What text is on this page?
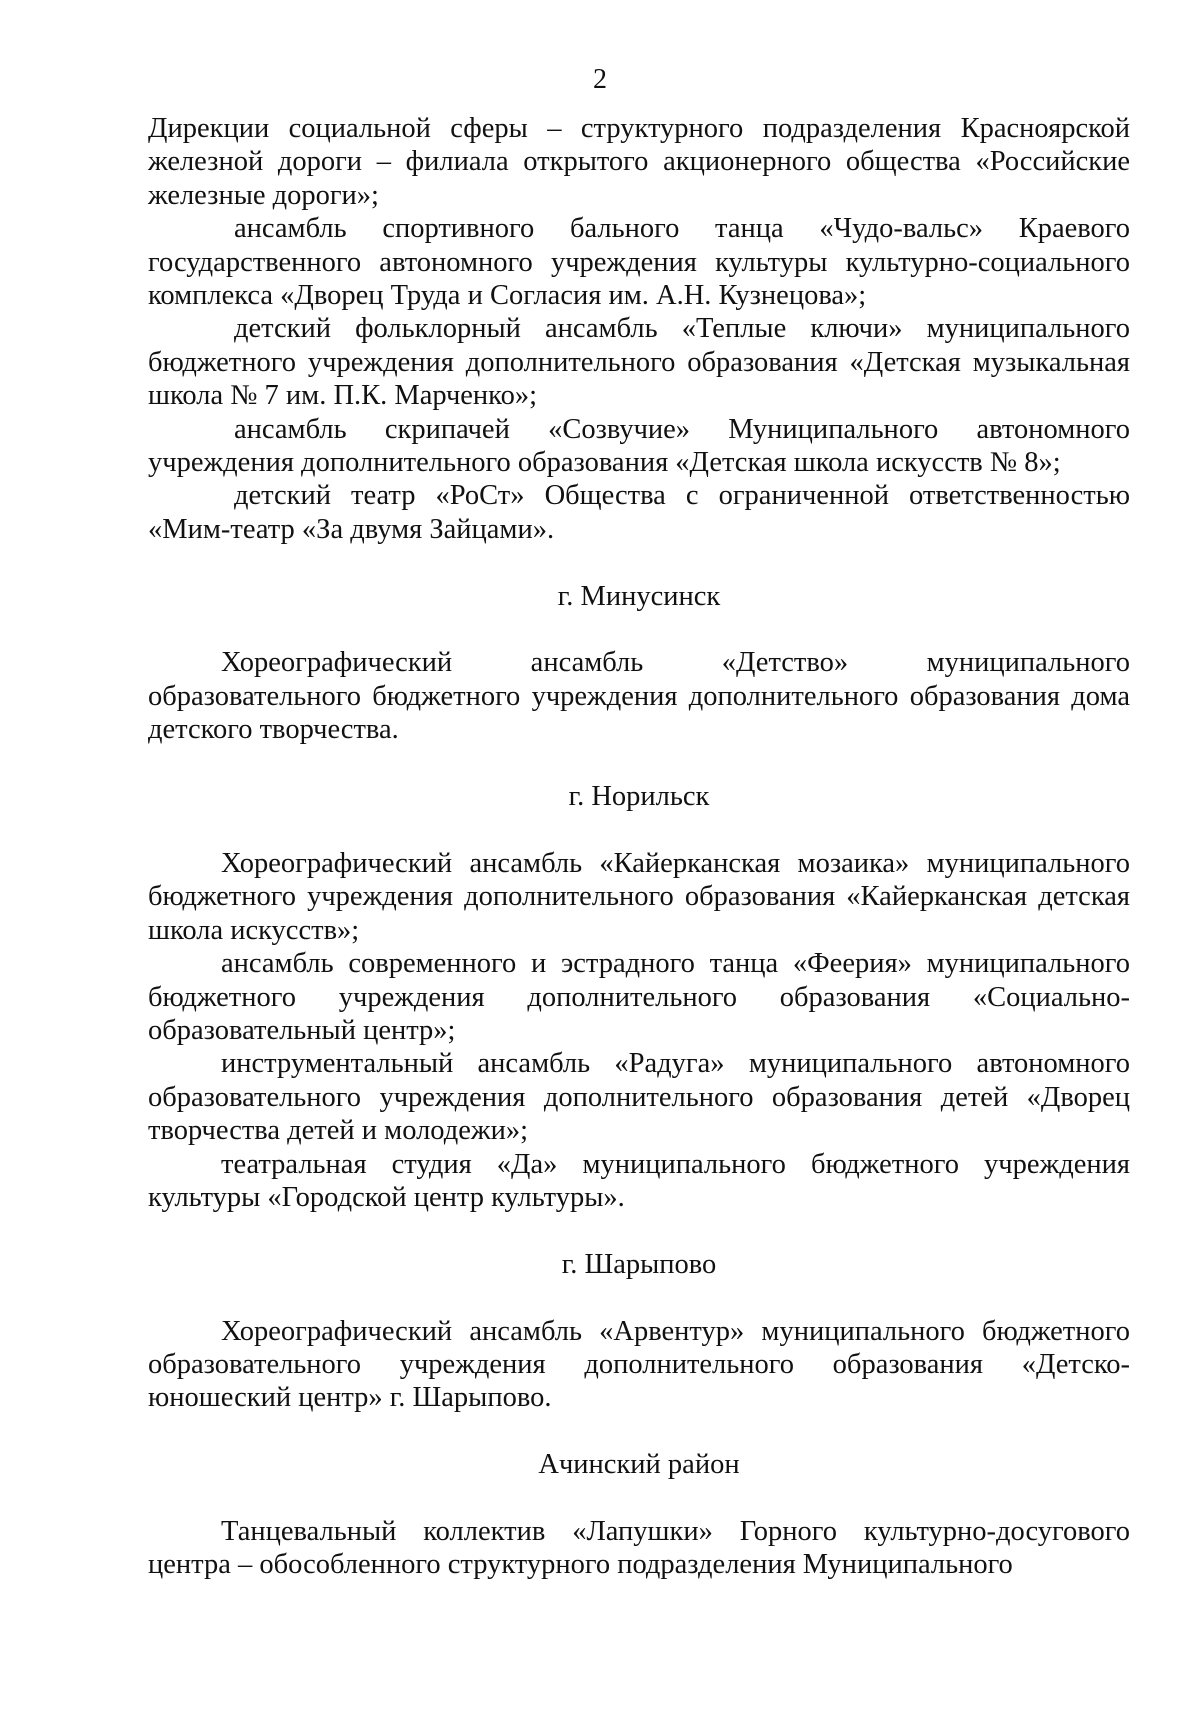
2

Дирекции социальной сферы – структурного подразделения Красноярской железной дороги – филиала открытого акционерного общества «Российские железные дороги»;

ансамбль спортивного бального танца «Чудо-вальс» Краевого государственного автономного учреждения культуры культурно-социального комплекса «Дворец Труда и Согласия им. А.Н. Кузнецова»;

детский фольклорный ансамбль «Теплые ключи» муниципального бюджетного учреждения дополнительного образования «Детская музыкальная школа № 7 им. П.К. Марченко»;

ансамбль скрипачей «Созвучие» Муниципального автономного учреждения дополнительного образования «Детская школа искусств № 8»;

детский театр «РоСт» Общества с ограниченной ответственностью «Мим-театр «За двумя Зайцами».

г. Минусинск

Хореографический ансамбль «Детство» муниципального образовательного бюджетного учреждения дополнительного образования дома детского творчества.

г. Норильск

Хореографический ансамбль «Кайерканская мозаика» муниципального бюджетного учреждения дополнительного образования «Кайерканская детская школа искусств»;

ансамбль современного и эстрадного танца «Феерия» муниципального бюджетного учреждения дополнительного образования «Социально-образовательный центр»;

инструментальный ансамбль «Радуга» муниципального автономного образовательного учреждения дополнительного образования детей «Дворец творчества детей и молодежи»;

театральная студия «Да» муниципального бюджетного учреждения культуры «Городской центр культуры».

г. Шарыпово

Хореографический ансамбль «Арвентур» муниципального бюджетного образовательного учреждения дополнительного образования «Детско-юношеский центр» г. Шарыпово.

Ачинский район

Танцевальный коллектив «Лапушки» Горного культурно-досугового центра – обособленного структурного подразделения Муниципального
